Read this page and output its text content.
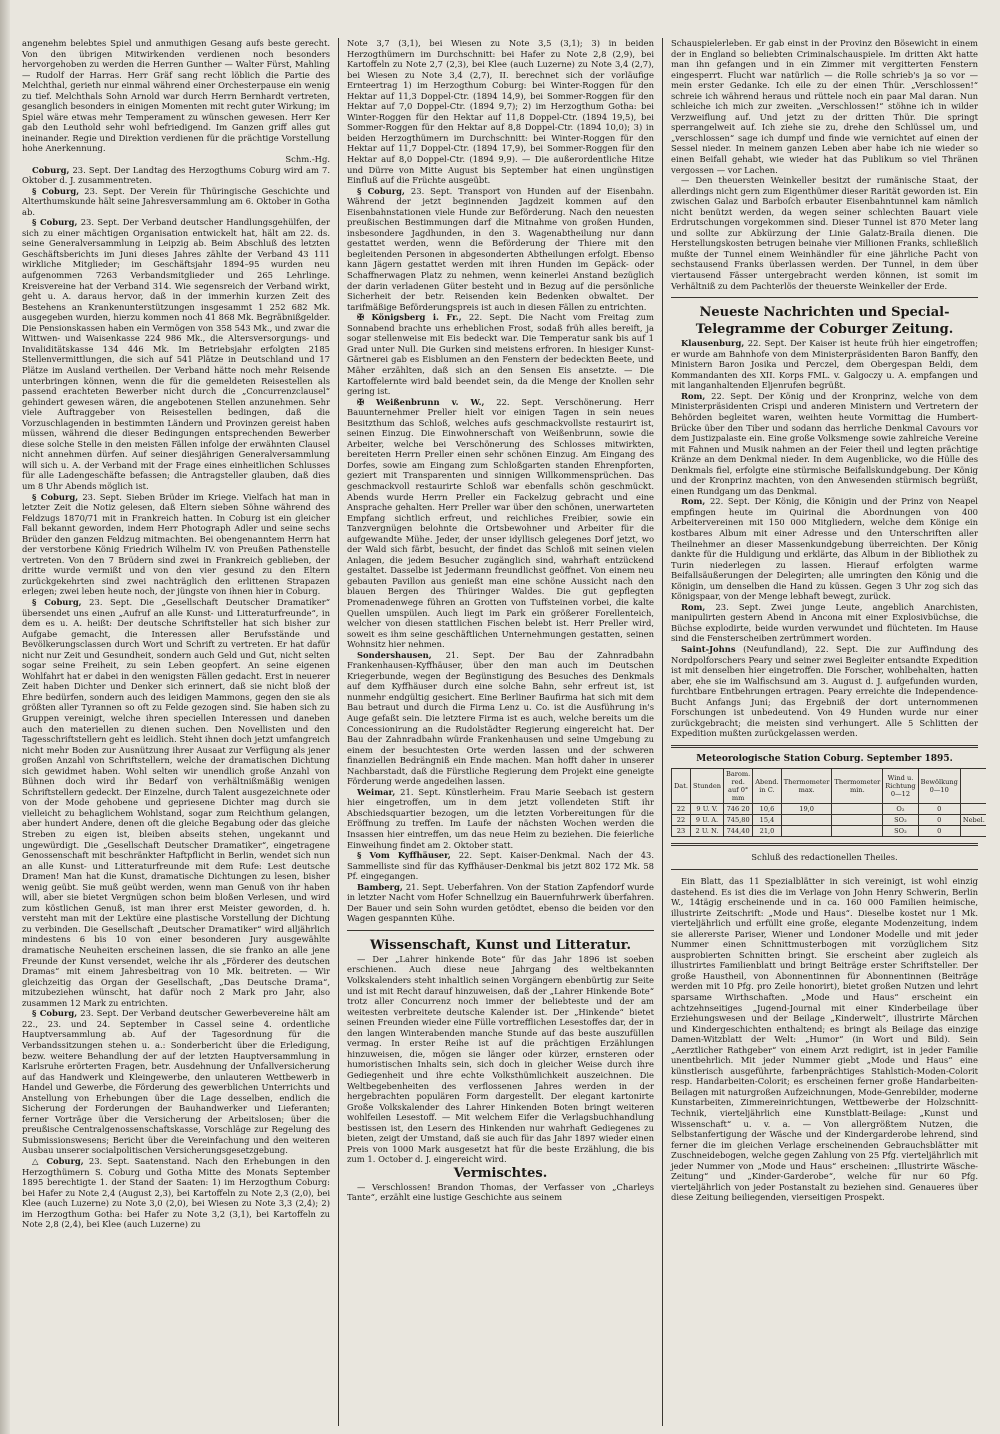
angenehm belebtes Spiel und anmuthigen Gesang aufs beste gerecht. Von den übrigen Mitwirkenden verdienen noch besonders hervorgehoben zu werden die Herren Gunther — Walter Fürst, Mahling — Rudolf der Harras. Herr Gräf sang recht löblich die Partie des Melchthal, gerieth nur einmal während einer Orchesterpause ein wenig zu tief. Melchthals Sohn Arnold war durch Herrn Bernhardt vertreten, gesanglich besonders in einigen Momenten mit recht guter Wirkung; im Spiel wäre etwas mehr Temperament zu wünschen gewesen. Herr Ker gab den Leuthold sehr wohl befriedigend. Im Ganzen griff alles gut ineinander. Regie und Direktion verdienen für die prächtige Vorstellung hohe Anerkennung.

Schm.-Hg.

Coburg, 23. Sept. Der Landtag des Herzogthums Coburg wird am 7. Oktober d. J. zusammentreten.

§ Coburg, 23. Sept. Der Verein für Thüringische Geschichte und Alterthumskunde hält seine Jahresversammlung am 6. Oktober in Gotha ab.

§ Coburg, 23. Sept. Der Verband deutscher Handlungsgehülfen, der sich zu einer mächtigen Organisation entwickelt hat, hält am 22. ds. seine Generalversammlung in Leipzig ab. Beim Abschluß des letzten Geschäftsberichts im Juni dieses Jahres zählte der Verband 43 111 wirkliche Mitglieder; im Geschäftsjahr 1894–95 wurden neu aufgenommen 7263 Verbandsmitglieder und 265 Lehrlinge. Kreisvereine hat der Verband 314. Wie segensreich der Verband wirkt, geht u. A. daraus hervor, daß in der immerhin kurzen Zeit des Bestehens an Krankenunterstützungen insgesammt 1 252 682 Mk. ausgegeben wurden, hierzu kommen noch 41 868 Mk. Begräbnißgelder. Die Pensionskassen haben ein Vermögen von 358 543 Mk., und zwar die Wittwen- und Waisenkasse 224 986 Mk., die Altersversorgungs- und Invaliditätskasse 134 446 Mk. Im Betriebsjahr erfolgten 2185 Stellenvermittlungen, die sich auf 541 Plätze in Deutschland und 17 Plätze im Ausland vertheilen. Der Verband hätte noch mehr Reisende unterbringen können, wenn die für die gemeldeten Reisestellen als passend erachteten Bewerber nicht durch die „Concurrenzclausel“ gehindert gewesen wären, die angebotenen Stellen anzunehmen. Sehr viele Auftraggeber von Reisestellen bedingen, daß die Vorzuschlagenden in bestimmten Ländern und Provinzen gereist haben müssen, während die dieser Bedingungen entsprechenden Bewerber diese solche Stelle in den meisten Fällen infolge der erwähnten Clausel nicht annehmen dürfen. Auf seiner diesjährigen Generalversammlung will sich u. A. der Verband mit der Frage eines einheitlichen Schlusses für alle Ladengeschäfte befassen; die Antragsteller glauben, daß dies um 8 Uhr Abends möglich ist.

§ Coburg, 23. Sept. Sieben Brüder im Kriege. Vielfach hat man in letzter Zeit die Notiz gelesen, daß Eltern sieben Söhne während des Feldzugs 1870/71 mit in Frankreich hatten. In Coburg ist ein gleicher Fall bekannt geworden, indem Herr Photograph Adler und seine sechs Brüder den ganzen Feldzug mitmachten. Bei obengenanntem Herrn hat der verstorbene König Friedrich Wilhelm IV. von Preußen Pathenstelle vertreten. Von den 7 Brüdern sind zwei in Frankreich geblieben, der dritte wurde vermißt und von den vier gesund zu den Eltern zurückgekehrten sind zwei nachträglich den erlittenen Strapazen erlegen; zwei leben heute noch, der jüngste von ihnen hier in Coburg.

§ Coburg, 23. Sept. Die „Gesellschaft Deutscher Dramatiker“ übersendet uns einen „Aufruf an alle Kunst- und Litteraturfreunde“, in dem es u. A. heißt: Der deutsche Schriftsteller hat sich bisher zur Aufgabe gemacht, die Interessen aller Berufsstände und Bevölkerungsclassen durch Wort und Schrift zu vertreten. Er hat dafür nicht nur Zeit und Gesundheit, sondern auch Geld und Gut, nicht selten sogar seine Freiheit, zu sein Leben geopfert. An seine eigenen Wohlfahrt hat er dabei in den wenigsten Fällen gedacht. Erst in neuerer Zeit haben Dichter und Denker sich erinnert, daß sie nicht bloß der Ehre bedürfen, sondern auch des leidigen Mammons, gegen den sie als größten aller Tyrannen so oft zu Felde gezogen sind. Sie haben sich zu Gruppen vereinigt, welche ihren speciellen Interessen und daneben auch den materiellen zu dienen suchen. Den Novellisten und den Tagesschriftstellern geht es leidlich. Steht ihnen doch jetzt umfangreich nicht mehr Boden zur Ausnützung ihrer Ausaat zur Verfügung als jener großen Anzahl von Schriftstellern, welche der dramatischen Dichtung sich gewidmet haben. Wohl selten wir unendlich große Anzahl von Bühnen doch wird ihr Bedarf von verhältnißmäßig wenigen Schriftstellern gedeckt. Der Einzelne, durch Talent ausgezeichnete oder von der Mode gehobene und gepriesene Dichter mag durch sie vielleicht zu behaglichem Wohlstand, sogar zum Reichthum gelangen, aber hundert Andere, denen oft die gleiche Begabung oder das gleiche Streben zu eigen ist, bleiben abseits stehen, ungekannt und ungewürdigt. Die „Gesellschaft Deutscher Dramatiker“, eingetragene Genossenschaft mit beschränkter Haftpflicht in Berlin, wendet sich nun an alle Kunst- und Litteraturfreunde mit dem Rufe: Lest deutsche Dramen! Man hat die Kunst, dramatische Dichtungen zu lesen, bisher wenig geübt. Sie muß geübt werden, wenn man Genuß von ihr haben will, aber sie bietet Vergnügen schon beim bloßen Verlesen, und wird zum köstlichen Genuß, ist man ihrer erst Meister geworden, d. h. versteht man mit der Lektüre eine plastische Vorstellung der Dichtung zu verbinden. Die Gesellschaft „Deutscher Dramatiker“ wird alljährlich mindestens 6 bis 10 von einer besonderen Jury ausgewählte dramatische Neuheiten erscheinen lassen, die sie franko an alle jene Freunde der Kunst versendet, welche ihr als „Förderer des deutschen Dramas“ mit einem Jahresbeitrag von 10 Mk. beitreten. — Wir gleichzeitig das Organ der Gesellschaft, „Das Deutsche Drama“, mitzubeziehen wünscht, hat dafür noch 2 Mark pro Jahr, also zusammen 12 Mark zu entrichten.

§ Coburg, 23. Sept. Der Verband deutscher Gewerbevereine hält am 22., 23. und 24. September in Cassel seine 4. ordentliche Hauptversammlung ab. Auf der Tagesordnung für die Verbandssitzungen stehen u. a.: Sonderbericht über die Erledigung, bezw. weitere Behandlung der auf der letzten Hauptversammlung in Karlsruhe erörterten Fragen, betr. Ausdehnung der Unfallversicherung auf das Handwerk und Kleingewerbe, den unlauteren Wettbewerb in Handel und Gewerbe, die Förderung des gewerblichen Unterrichts und Anstellung von Erhebungen über die Lage desselben, endlich die Sicherung der Forderungen der Bauhandwerker und Lieferanten; ferner Vorträge über die Versicherung der Arbeitslosen; über die preußische Centralgenossenschaftskasse, Vorschläge zur Regelung des Submissionswesens; Bericht über die Vereinfachung und den weiteren Ausbau unserer socialpolitischen Versicherungsgesetzgebung.

△ Coburg, 23. Sept. Saatenstand. Nach den Erhebungen in den Herzogthümern S. Coburg und Gotha Mitte des Monats September 1895 berechtigte 1. der Stand der Saaten: 1) im Herzogthum Coburg: bei Hafer zu Note 2,4 (August 2,3), bei Kartoffeln zu Note 2,3 (2,0), bei Klee (auch Luzerne) zu Note 3,0 (2,0), bei Wiesen zu Note 3,3 (2,4); 2) im Herzogthum Gotha: bei Hafer zu Note 3,2 (3,1), bei Kartoffeln zu Note 2,8 (2,4), bei Klee (auch Luzerne) zu

Note 3,7 (3,1), bei Wiesen zu Note 3,5 (3,1); 3) in beiden Herzogthümern im Durchschnitt: bei Hafer zu Note 2,8 (2,9), bei Kartoffeln zu Note 2,7 (2,3), bei Klee (auch Luzerne) zu Note 3,4 (2,7), bei Wiesen zu Note 3,4 (2,7), II. berechnet sich der vorläufige Ernteertrag 1) im Herzogthum Coburg: bei Winter-Roggen für den Hektar auf 11,3 Doppel-Ctr. (1894 14,9), bei Sommer-Roggen für den Hektar auf 7,0 Doppel-Ctr. (1894 9,7); 2) im Herzogthum Gotha: bei Winter-Roggen für den Hektar auf 11,8 Doppel-Ctr. (1894 19,5), bei Sommer-Roggen für den Hektar auf 8,8 Doppel-Ctr. (1894 10,0); 3) in beiden Herzogthümern im Durchschnitt: bei Winter-Roggen für den Hektar auf 11,7 Doppel-Ctr. (1894 17,9), bei Sommer-Roggen für den Hektar auf 8,0 Doppel-Ctr. (1894 9,9). — Die außerordentliche Hitze und Dürre von Mitte August bis September hat einen ungünstigen Einfluß auf die Früchte ausgeübt.

§ Coburg, 23. Sept. Transport von Hunden auf der Eisenbahn. Während der jetzt beginnenden Jagdzeit kommen auf den Eisenbahnstationen viele Hunde zur Beförderung. Nach den neuesten preußischen Bestimmungen darf die Mitnahme von großen Hunden, insbesondere Jagdhunden, in den 3. Wagenabtheilung nur dann gestattet werden, wenn die Beförderung der Thiere mit den begleitenden Personen in abgesonderten Abtheilungen erfolgt. Ebenso kann Jägern gestattet werden mit ihren Hunden im Gepäck- oder Schaffnerwagen Platz zu nehmen, wenn keinerlei Anstand bezüglich der darin verladenen Güter besteht und in Bezug auf die persönliche Sicherheit der betr. Reisenden kein Bedenken obwaltet. Der tarifmäßige Beförderungspreis ist auch in diesen Fällen zu entrichten.

✠ Königsberg i. Fr., 22. Sept. Die Nacht vom Freitag zum Sonnabend brachte uns erheblichen Frost, sodaß früh alles bereift, ja sogar stellenweise mit Eis bedeckt war. Die Temperatur sank bis auf 1 Grad unter Null. Die Gurken sind meistens erfroren. In hiesiger Kunst-Gärtnerei gab es Eisblumen an den Fenstern der bedeckten Beete, und Mäher erzählten, daß sich an den Sensen Eis ansetzte. — Die Kartoffelernte wird bald beendet sein, da die Menge der Knollen sehr gering ist.

✠ Weißenbrunn v. W., 22. Sept. Verschönerung. Herr Bauunternehmer Preller hielt vor einigen Tagen in sein neues Besitzthum das Schloß, welches aufs geschmackvollste restaurirt ist, seinen Einzug. Die Einwohnerschaft von Weißenbrunn, sowie die Arbeiter, welche bei Verschönerung des Schlosses mitwirkten, bereiteten Herrn Preller einen sehr schönen Einzug. Am Eingang des Dorfes, sowie am Eingang zum Schloßgarten standen Ehrenpforten, geziert mit Transparenten und sinnigen Willkommensprüchen. Das geschmackvoll restaurirte Schloß war ebenfalls schön geschmückt. Abends wurde Herrn Preller ein Fackelzug gebracht und eine Ansprache gehalten. Herr Preller war über den schönen, unerwarteten Empfang sichtlich erfreut, und reichliches Freibier, sowie ein Tanzvergnügen belohnte die Ortsbewohner und Arbeiter für die aufgewandte Mühe. Jeder, der unser idyllisch gelegenes Dorf jetzt, wo der Wald sich färbt, besucht, der findet das Schloß mit seinen vielen Anlagen, die jedem Besucher zugänglich sind, wahrhaft entzückend gestaltet. Dasselbe ist Jedermann freundlichst geöffnet. Von einem neu gebauten Pavillon aus genießt man eine schöne Aussicht nach den blauen Bergen des Thüringer Waldes. Die gut gepflegten Promenadenwege führen an Grotten von Tuffsteinen vorbei, die kalte Quellen umspülen. Auch liegt im Park ein größerer Forellenteich, welcher von diesen stattlichen Fischen belebt ist. Herr Preller wird, soweit es ihm seine geschäftlichen Unternehmungen gestatten, seinen Wohnsitz hier nehmen.

Sondershausen, 21. Sept. Der Bau der Zahnradbahn Frankenhausen-Kyffhäuser, über den man auch im Deutschen Kriegerbunde, wegen der Begünstigung des Besuches des Denkmals auf dem Kyffhäuser durch eine solche Bahn, sehr erfreut ist, ist nunmehr endgültig gesichert. Eine Berliner Baufirma hat sich mit dem Bau betraut und durch die Firma Lenz u. Co. ist die Ausführung in's Auge gefaßt sein. Die letztere Firma ist es auch, welche bereits um die Concessionirung an die Rudolstädter Regierung eingereicht hat. Der Bau der Zahnradbahn würde Frankenhausen und seine Umgebung zu einem der besuchtesten Orte werden lassen und der schweren finanziellen Bedrängniß ein Ende machen. Man hofft daher in unserer Nachbarstadt, daß die Fürstliche Regierung dem Projekt eine geneigte Förderung werde angedeihen lassen.

Weimar, 21. Sept. Künstlerheim. Frau Marie Seebach ist gestern hier eingetroffen, um in dem jetzt vollendeten Stift ihr Abschiedsquartier bezogen, um die letzten Vorbereitungen für die Eröffnung zu treffen. Im Laufe der nächsten Wochen werden die Insassen hier eintreffen, um das neue Heim zu beziehen. Die feierliche Einweihung findet am 2. Oktober statt.

§ Vom Kyffhäuser, 22. Sept. Kaiser-Denkmal. Nach der 43. Sammelliste sind für das Kyffhäuser-Denkmal bis jetzt 802 172 Mk. 58 Pf. eingegangen.

Bamberg, 21. Sept. Ueberfahren. Von der Station Zapfendorf wurde in letzter Nacht vom Hofer Schnellzug ein Bauernfuhrwerk überfahren. Der Bauer und sein Sohn wurden getödtet, ebenso die beiden vor den Wagen gespannten Kühe.

Wissenschaft, Kunst und Litteratur.

— Der „Lahrer hinkende Bote“ für das Jahr 1896 ist soeben erschienen. Auch diese neue Jahrgang des weltbekannten Volkskalenders steht inhaltlich seinen Vorgängern ebenbürtig zur Seite und ist mit Recht darauf hinzuweisen, daß der „Lahrer Hinkende Bote“ trotz aller Concurrenz noch immer der beliebteste und der am weitesten verbreitete deutsche Kalender ist. Der „Hinkende“ bietet seinen Freunden wieder eine Fülle vortrefflichen Lesestoffes dar, der in den langen Winterabenden manche Stunde auf das beste auszufüllen vermag. In erster Reihe ist auf die prächtigen Erzählungen hinzuweisen, die, mögen sie länger oder kürzer, ernsteren oder humoristischen Inhalts sein, sich doch in gleicher Weise durch ihre Gediegenheit und ihre echte Volksthümlichkeit auszeichnen. Die Weltbegebenheiten des verflossenen Jahres werden in der hergebrachten populären Form dargestellt. Der elegant kartonirte Große Volkskalender des Lahrer Hinkenden Boten bringt weiteren wohlfeilen Lesestoff. — Mit welchem Eifer die Verlagsbuchhandlung bestissen ist, den Lesern des Hinkenden nur wahrhaft Gediegenes zu bieten, zeigt der Umstand, daß sie auch für das Jahr 1897 wieder einen Preis von 1000 Mark ausgesetzt hat für die beste Erzählung, die bis zum 1. October d. J. eingereicht wird.

Vermischtes.

— Verschlossen! Brandon Thomas, der Verfasser von „Charleys Tante“, erzählt eine lustige Geschichte aus seinem

Schauspielerleben. Er gab einst in der Provinz den Bösewicht in einem der in England so beliebten Criminalschauspiele. Im dritten Akt hatte man ihn gefangen und in ein Zimmer mit vergitterten Fenstern eingesperrt. Flucht war natürlich — die Rolle schrieb's ja so vor — mein erster Gedanke. Ich eile zu der einen Thür. „Verschlossen!“ schreie ich während heraus und rüttele noch ein paar Mal daran. Nun schleiche ich mich zur zweiten. „Verschlossen!“ stöhne ich in wilder Verzweiflung auf. Und jetzt zu der dritten Thür. Die springt sperrangelweit auf. Ich ziehe sie zu, drehe den Schlüssel um, und „verschlossen“ sage ich dumpf und finde wie vernichtet auf einen der Sessel nieder. In meinem ganzen Leben aber habe ich nie wieder so einen Beifall gehabt, wie wieder hat das Publikum so viel Thränen vergossen — vor Lachen.

— Den theuersten Weinkeller besitzt der rumänische Staat, der allerdings nicht gern zum Eigenthümer dieser Rarität geworden ist. Ein zwischen Galaz und Barboſch erbauter Eisenbahntunnel kam nämlich nicht benützt werden, da wegen seiner schlechten Bauart viele Erdrutschungen vorgekommen sind. Dieser Tunnel ist 870 Meter lang und sollte zur Abkürzung der Linie Galatz-Braila dienen. Die Herstellungskosten betrugen beinahe vier Millionen Franks, schließlich mußte der Tunnel einem Weinhändler für eine jährliche Pacht von sechstausend Franks überlassen werden. Der Tunnel, in dem über viertausend Fässer untergebracht werden können, ist somit im Verhältniß zu dem Pachterlös der theuerste Weinkeller der Erde.

Neueste Nachrichten und Special-Telegramme der Coburger Zeitung.

Klausenburg, 22. Sept. Der Kaiser ist heute früh hier eingetroffen; er wurde am Bahnhofe von dem Ministerpräsidenten Baron Banffy, den Ministern Baron Josika und Perczel, dem Obergespan Beldi, dem Kommandanten des XII. Korps FML. v. Galgoczy u. A. empfangen und mit langanhaltenden Eljenrufen begrüßt.

Rom, 22. Sept. Der König und der Kronprinz, welche von dem Ministerpräsidenten Crispi und anderen Ministern und Vertretern der Behörden begleitet waren, weihten heute Vormittag die Humbert-Brücke über den Tiber und sodann das herrliche Denkmal Cavours vor dem Justizpalaste ein. Eine große Volksmenge sowie zahlreiche Vereine mit Fahnen und Musik nahmen an der Feier theil und legten prächtige Kränze an dem Denkmal nieder. In dem Augenblicke, wo die Hülle des Denkmals fiel, erfolgte eine stürmische Beifallskundgebung. Der König und der Kronprinz machten, von den Anwesenden stürmisch begrüßt, einen Rundgang um das Denkmal.

Rom, 22. Sept. Der König, die Königin und der Prinz von Neapel empfingen heute im Quirinal die Abordnungen von 400 Arbeitervereinen mit 150 000 Mitgliedern, welche dem Könige ein kostbares Album mit einer Adresse und den Unterschriften aller Theilnehmer an dieser Massenkundgebung überreichten. Der König dankte für die Huldigung und erklärte, das Album in der Bibliothek zu Turin niederlegen zu lassen. Hierauf erfolgten warme Beifallsäußerungen der Delegirten; alle umringten den König und die Königin, um denselben die Hand zu küssen. Gegen 3 Uhr zog sich das Königspaar, von der Menge lebhaft bewegt, zurück.

Rom, 23. Sept. Zwei junge Leute, angeblich Anarchisten, manipulirten gestern Abend in Ancona mit einer Explosivbüchse, die Büchse explodirte, beide wurden verwundet und flüchteten. Im Hause sind die Fensterscheiben zertrümmert worden.

Saint-Johns (Neufundland), 22. Sept. Die zur Auffindung des Nordpolforschers Peary und seiner zwei Begleiter entsandte Expedition ist mit denselben hier eingetroffen. Die Forscher, wohlbehalten, hatten aber, ehe sie im Walfischsund am 3. August d. J. aufgefunden wurden, furchtbare Entbehrungen ertragen. Peary erreichte die Independence-Bucht Anfangs Juni; das Ergebniß der dort unternommenen Forschungen ist unbedeutend. Von 49 Hunden wurde nur einer zurückgebracht; die meisten sind verhungert. Alle 5 Schlitten der Expedition mußten zurückgelassen werden.

Meteorologische Station Coburg. September 1895.

Dat.	Stunden	Barom. red. auf 0° mm	Abend. in C.	Thermometer max.	Thermometer min.	Wind u. Richtung 0—12	Bewölkung 0—10	
22	9 U. V.	746 20	10,6	19,0		O₂	0	
22	9 U. A.	745,80	15,4			SO₂	0	Nebel.
23	2 U. N.	744,40	21,0			SO₂	0	

Schluß des redactionellen Theiles.

Ein Blatt, das 11 Spezialblätter in sich vereinigt, ist wohl einzig dastehend. Es ist dies die im Verlage von John Henry Schwerin, Berlin W., 14tägig erscheinende und in ca. 160 000 Familien heimische, illustrirte Zeitschrift: „Mode und Haus“. Dieselbe kostet nur 1 Mk. vierteljährlich und erfüllt eine große, elegante Modenzeitung, indem sie allererste Pariser, Wiener und Londoner Modelle und mit jeder Nummer einen Schnittmusterbogen mit vorzüglichem Sitz ausprobierten Schnitten bringt. Sie erscheint aber zugleich als illustrirtes Familienblatt und bringt Beiträge erster Schriftsteller. Der große Haustheil, von Abonnentinnen für Abonnentinnen (Beiträge werden mit 10 Pfg. pro Zeile honorirt), bietet großen Nutzen und lehrt sparsame Wirthschaften. „Mode und Haus“ erscheint ein achtzehnseitiges „Jugend-Journal mit einer Kinderbeilage über Erziehungswesen und der Beilage „Kinderwelt“, illustrirte Märchen und Kindergeschichten enthaltend; es bringt als Beilage das einzige Damen-Witzblatt der Welt: „Humor“ (in Wort und Bild). Sein „Aerztlicher Rathgeber“ von einem Arzt redigirt, ist in jeder Familie unentbehrlich. Mit jeder Nummer giebt „Mode und Haus“ eine künstlerisch ausgeführte, farbenprächtiges Stahlstich-Moden-Colorit resp. Handarbeiten-Colorit; es erscheinen ferner große Handarbeiten-Beilagen mit naturgroßen Aufzeichnungen, Mode-Genrebilder, moderne Kunstarbeiten, Zimmereinrichtungen, Wettbewerbe der Holzschnitt-Technik, vierteljährlich eine Kunstblatt-Beilage: „Kunst und Wissenschaft“ u. v. a. — Von allergrößtem Nutzen, die Selbstanfertigung der Wäsche und der Kindergarderobe lehrend, sind ferner die im gleichen Verlage erscheinenden Gebrauchsblätter mit Zuschneidebogen, welche gegen Zahlung von 25 Pfg. vierteljährlich mit jeder Nummer von „Mode und Haus“ erscheinen: „Illustrirte Wäsche-Zeitung“ und „Kinder-Garderobe“, welche für nur 60 Pfg. vierteljährlich von jeder Postanstalt zu beziehen sind. Genaueres über diese Zeitung beiliegenden, vierseitigen Prospekt.
